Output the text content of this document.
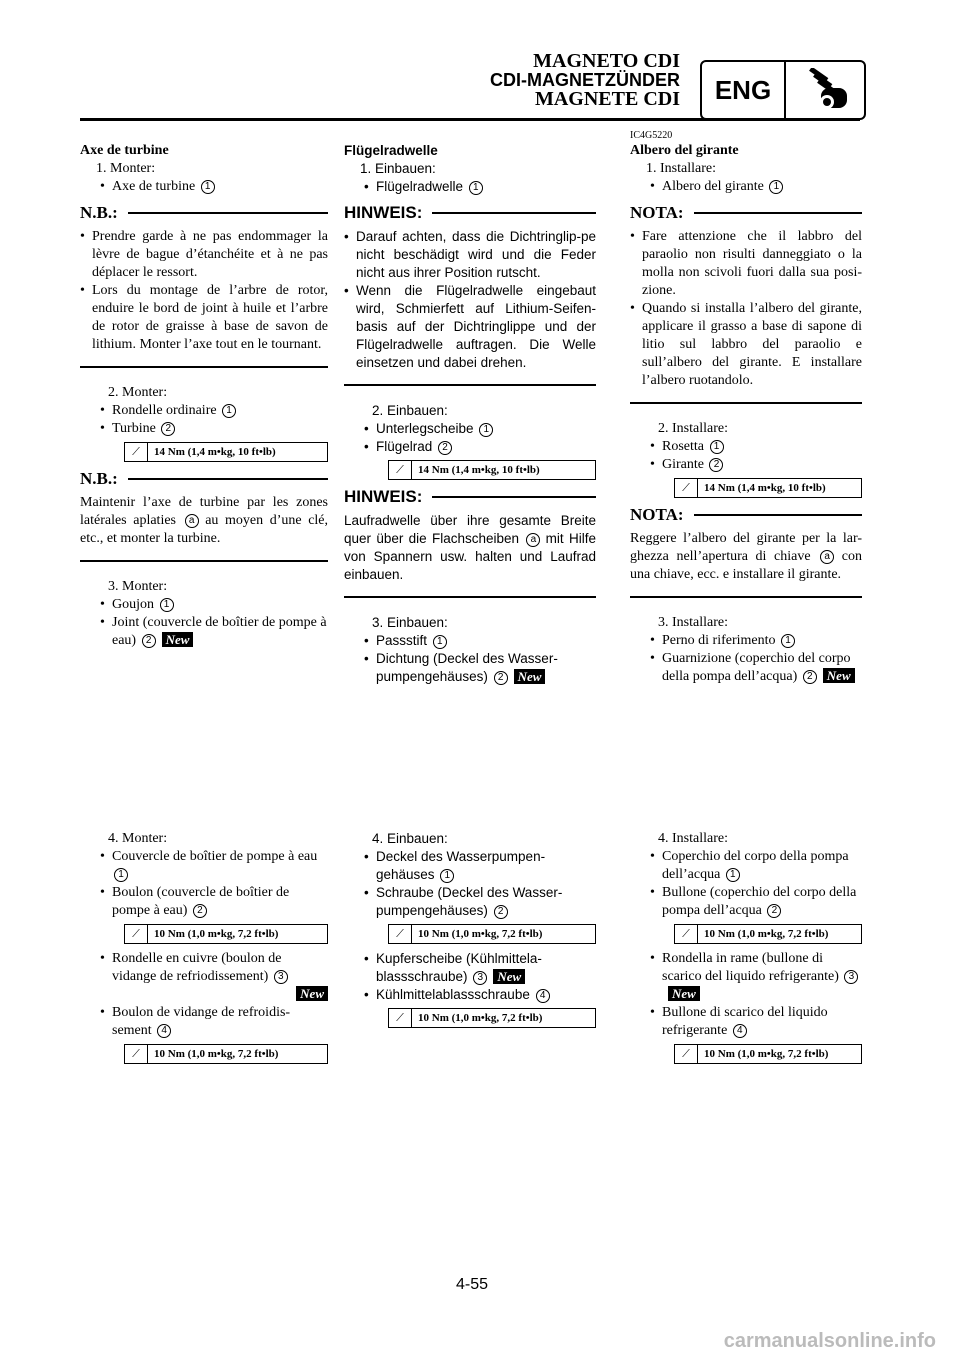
MAGNETO CDI
CDI-MAGNETZÜNDER
MAGNETE CDI	ENG
Axe de turbine
1. Monter:
• Axe de turbine 1
N.B.:
• Prendre garde à ne pas endommager la lèvre de bague d’étanchéite et à ne pas déplacer le ressort.
• Lors du montage de l’arbre de rotor, enduire le bord de joint à huile et l’arbre de rotor de graisse à base de savon de lithium. Monter l’axe tout en le tournant.
2. Monter:
• Rondelle ordinaire 1
• Turbine 2
⟋	14 Nm (1,4 m•kg, 10 ft•lb)
N.B.:
Maintenir l’axe de turbine par les zones latérales aplaties a au moyen d’une clé, etc., et monter la turbine.
3. Monter:
• Goujon 1
• Joint (couvercle de boîtier de pompe à eau) 2 New
4. Monter:
• Couvercle de boîtier de pompe à eau 1
• Boulon (couvercle de boîtier de pompe à eau) 2
⟋	10 Nm (1,0 m•kg, 7,2 ft•lb)
• Rondelle en cuivre (boulon de vidange de refriodissement) 3
New
• Boulon de vidange de refroidis-sement 4
⟋	10 Nm (1,0 m•kg, 7,2 ft•lb)
Flügelradwelle
1. Einbauen:
• Flügelradwelle 1
HINWEIS:
• Darauf achten, dass die Dichtringlip-pe nicht beschädigt wird und die Feder nicht aus ihrer Position rutscht.
• Wenn die Flügelradwelle eingebaut wird, Schmierfett auf Lithium-Seifen-basis auf der Dichtringlippe und der Flügelradwelle auftragen. Die Welle einsetzen und dabei drehen.
2. Einbauen:
• Unterlegscheibe 1
• Flügelrad 2
⟋	14 Nm (1,4 m•kg, 10 ft•lb)
HINWEIS:
Laufradwelle über ihre gesamte Breite quer über die Flachscheiben a mit Hilfe von Spannern usw. halten und Laufrad einbauen.
3. Einbauen:
• Passstift 1
• Dichtung (Deckel des Wasser-pumpengehäuses) 2 New
4. Einbauen:
• Deckel des Wasserpumpen-gehäuses 1
• Schraube (Deckel des Wasser-pumpengehäuses) 2
⟋	10 Nm (1,0 m•kg, 7,2 ft•lb)
• Kupferscheibe (Kühlmittela-blassschraube) 3 New
• Kühlmittelablassschraube 4
⟋	10 Nm (1,0 m•kg, 7,2 ft•lb)
IC4G5220
Albero del girante
1. Installare:
• Albero del girante 1
NOTA:
• Fare attenzione che il labbro del paraolio non risulti danneggiato o la molla non scivoli fuori dalla sua posi-zione.
• Quando si installa l’albero del girante, applicare il grasso a base di sapone di litio sul labbro del paraolio e sull’albero del girante. E installare l’albero ruotandolo.
2. Installare:
• Rosetta 1
• Girante 2
⟋	14 Nm (1,4 m•kg, 10 ft•lb)
NOTA:
Reggere l’albero del girante per la lar-ghezza nell’apertura di chiave a con una chiave, ecc. e installare il girante.
3. Installare:
• Perno di riferimento 1
• Guarnizione (coperchio del corpo della pompa dell’acqua) 2 New
4. Installare:
• Coperchio del corpo della pompa dell’acqua 1
• Bullone (coperchio del corpo della pompa dell’acqua 2
⟋	10 Nm (1,0 m•kg, 7,2 ft•lb)
• Rondella in rame (bullone di scarico del liquido refrigerante) 3New
• Bullone di scarico del liquido refrigerante 4
⟋	10 Nm (1,0 m•kg, 7,2 ft•lb)
4-55
carmanualsonline.info
